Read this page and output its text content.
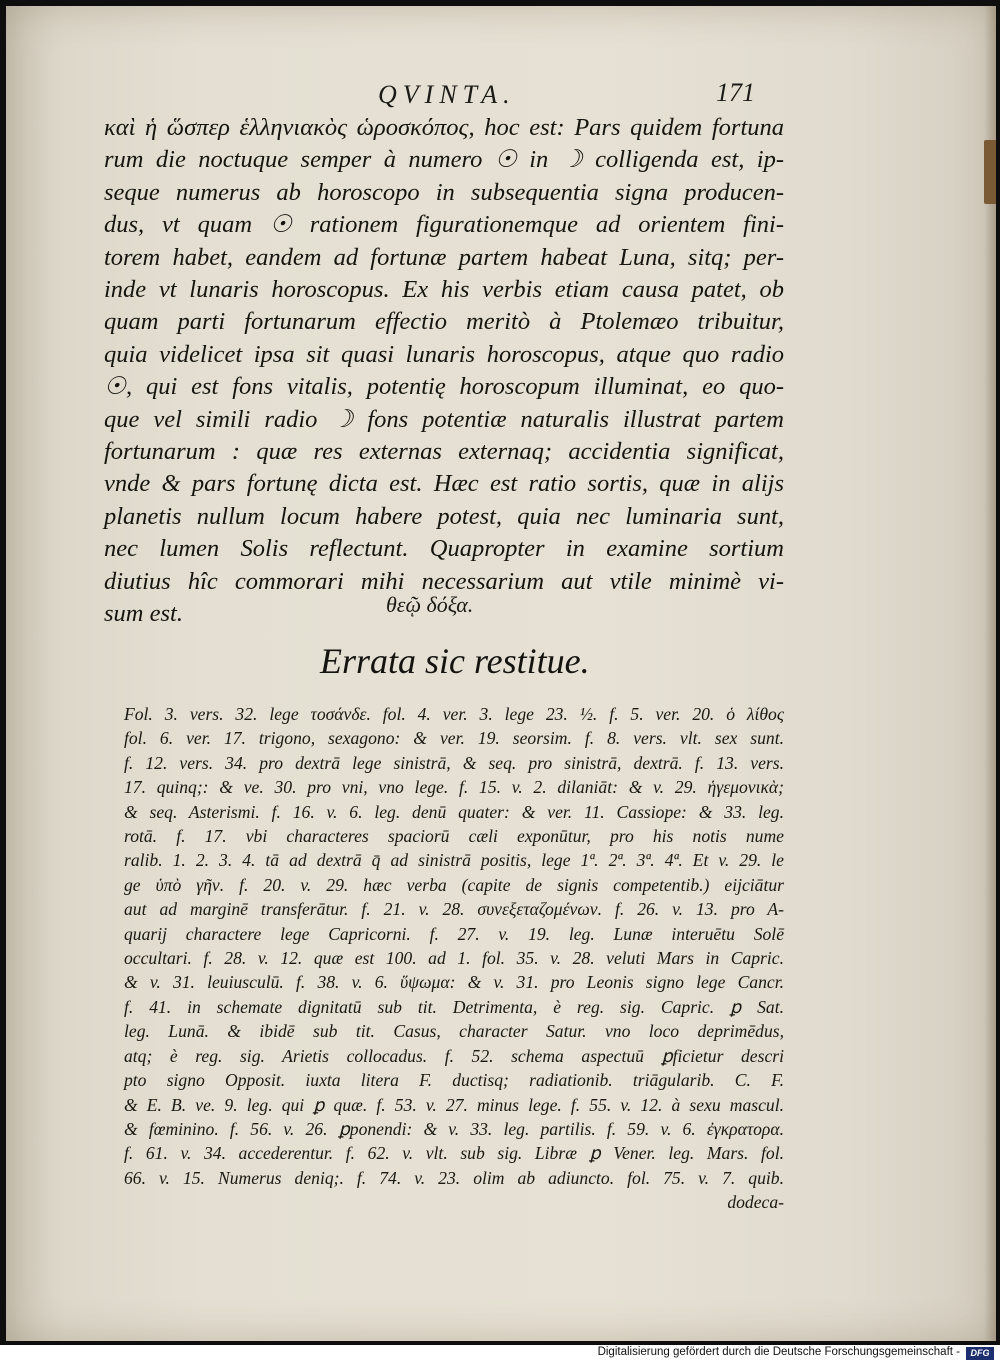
QVINTA.	171
καὶ ἡ ὥσπερ ἑλληνιακὸς ὡροσκόπος, hoc est: Pars quidem fortuna
rum die noctuque semper à numero ☉ in ☽ colligenda est, ip-
seque numerus ab horoscopo in subsequentia signa producen-
dus, vt quam ☉ rationem figurationemque ad orientem fini-
torem habet, eandem ad fortunæ partem habeat Luna, sitq; per-
inde vt lunaris horoscopus. Ex his verbis etiam causa patet, ob
quam parti fortunarum effectio meritò à Ptolemæo tribuitur,
quia videlicet ipsa sit quasi lunaris horoscopus, atque quo radio
☉, qui est fons vitalis, potentię horoscopum illuminat, eo quo-
que vel simili radio ☽ fons potentiæ naturalis illustrat partem
fortunarum : quæ res externas externaq; accidentia significat,
vnde & pars fortunę dicta est. Hæc est ratio sortis, quæ in alijs
planetis nullum locum habere potest, quia nec luminaria sunt,
nec lumen Solis reflectunt. Quapropter in examine sortium
diutius hîc commorari mihi necessarium aut vtile minimè vi-
sum est.	θεῷ δόξα.
Errata sic restitue.
Fol. 3. vers. 32. lege τοσάνδε. fol. 4. ver. 3. lege 23. ½. f. 5. ver. 20. ὁ λίθος
fol. 6. ver. 17. trigono, sexagono: & ver. 19. seorsim. f. 8. vers. vlt. sex sunt.
f. 12. vers. 34. pro dextrā lege sinistrā, & seq. pro sinistrā, dextrā. f. 13. vers.
17. quinq;: & ve. 30. pro vni, vno lege. f. 15. v. 2. dilaniāt: & v. 29. ἡγεμονικὰ;
& seq. Asterismi. f. 16. v. 6. leg. denū quater: & ver. 11. Cassiope: & 33. leg.
rotā. f. 17. vbi characteres spaciorū cæli exponūtur, pro his notis nume
ralib. 1. 2. 3. 4. tā ad dextrā q̄ ad sinistrā positis, lege 1ª. 2ª. 3ª. 4ª. Et v. 29. le
ge ὑπὸ γῆν. f. 20. v. 29. hæc verba (capite de signis competentib.) eijciātur
aut ad marginē transferātur. f. 21. v. 28. συνεξεταζομένων. f. 26. v. 13. pro A-
quarij charactere lege Capricorni. f. 27. v. 19. leg. Lunæ interuētu Solē
occultari. f. 28. v. 12. quæ est 100. ad 1. fol. 35. v. 28. veluti Mars in Capric.
& v. 31. leuiusculū. f. 38. v. 6. ὕψωμα: & v. 31. pro Leonis signo lege Cancr.
f. 41. in schemate dignitatū sub tit. Detrimenta, è reg. sig. Capric. ꝑ Sat.
leg. Lunā. & ibidē sub tit. Casus, character Satur. vno loco deprimēdus,
atq; è reg. sig. Arietis collocadus. f. 52. schema aspectuū ꝑficietur descri
pto signo Opposit. iuxta litera F. ductisq; radiationib. triāgularib. C. F.
& E. B. ve. 9. leg. qui ꝑ quæ. f. 53. v. 27. minus lege. f. 55. v. 12. à sexu mascul.
& fœminino. f. 56. v. 26. ꝑponendi: & v. 33. leg. partilis. f. 59. v. 6. ἐγκρατορα.
f. 61. v. 34. accederentur. f. 62. v. vlt. sub sig. Libræ ꝑ Vener. leg. Mars. fol.
66. v. 15. Numerus deniq;. f. 74. v. 23. olim ab adiuncto. fol. 75. v. 7. quib.
dodeca-
Digitalisierung gefördert durch die Deutsche Forschungsgemeinschaft -	DFG
